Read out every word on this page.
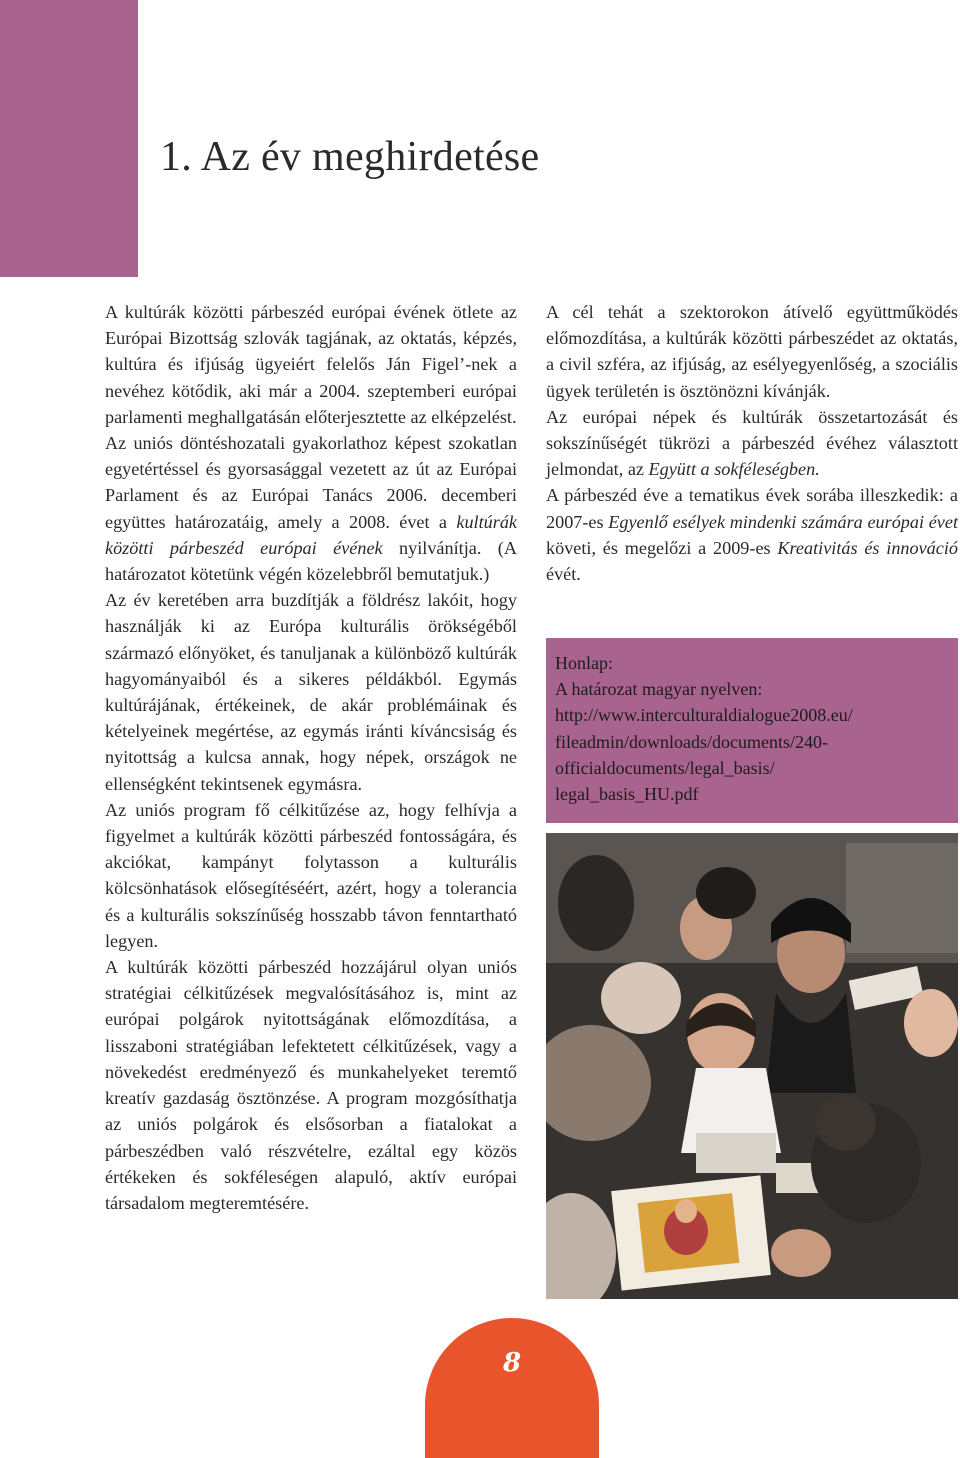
1. Az év meghirdetése

A kultúrák közötti párbeszéd európai évének ötlete az Európai Bizottság szlovák tagjának, az oktatás, képzés, kultúra és ifjúság ügyeiért felelős Ján Figel’-nek a nevéhez kötődik, aki már a 2004. szeptemberi európai parlamenti meghallgatásán előterjesztette az elképzelést.

Az uniós döntéshozatali gyakorlathoz képest szokatlan egyetértéssel és gyorsasággal vezetett az út az Európai Parlament és az Európai Tanács 2006. decemberi együttes határozatáig, amely a 2008. évet a kultúrák közötti párbeszéd európai évének nyilvánítja. (A határozatot kötetünk végén közelebbről bemutatjuk.)

Az év keretében arra buzdítják a földrész lakóit, hogy használják ki az Európa kulturális örökségéből származó előnyöket, és tanuljanak a különböző kultúrák hagyományaiból és a sikeres példákból. Egymás kultúrájának, értékeinek, de akár problémáinak és kételyeinek megértése, az egymás iránti kíváncsiság és nyitottság a kulcsa annak, hogy népek, országok ne ellenségként tekintsenek egymásra.

Az uniós program fő célkitűzése az, hogy felhívja a figyelmet a kultúrák közötti párbeszéd fontosságára, és akciókat, kampányt folytasson a kulturális kölcsönhatások elősegítéséért, azért, hogy a tolerancia és a kulturális sokszínűség hosszabb távon fenntartható legyen.

A kultúrák közötti párbeszéd hozzájárul olyan uniós stratégiai célkitűzések megvalósításához is, mint az európai polgárok nyitottságának előmozdítása, a lisszaboni stratégiában lefektetett célkitűzések, vagy a növekedést eredményező és munkahelyeket teremtő kreatív gazdaság ösztönzése. A program mozgósíthatja az uniós polgárok és elsősorban a fiatalokat a párbeszédben való részvételre, ezáltal egy közös értékeken és sokféleségen alapuló, aktív európai társadalom megteremtésére.

A cél tehát a szektorokon átívelő együttműködés előmozdítása, a kultúrák közötti párbeszédet az oktatás, a civil szféra, az ifjúság, az esélyegyenlőség, a szociális ügyek területén is ösztönözni kívánják.

Az európai népek és kultúrák összetartozását és sokszínűségét tükrözi a párbeszéd évéhez választott jelmondat, az Együtt a sokféleségben.

A párbeszéd éve a tematikus évek sorába illeszkedik: a 2007-es Egyenlő esélyek mindenki számára európai évet követi, és megelőzi a 2009-es Kreativitás és innováció évét.

Honlap:
A határozat magyar nyelven:
http://www.interculturaldialogue2008.eu/
fileadmin/downloads/documents/240-
officialdocuments/legal_basis/
legal_basis_HU.pdf
8
